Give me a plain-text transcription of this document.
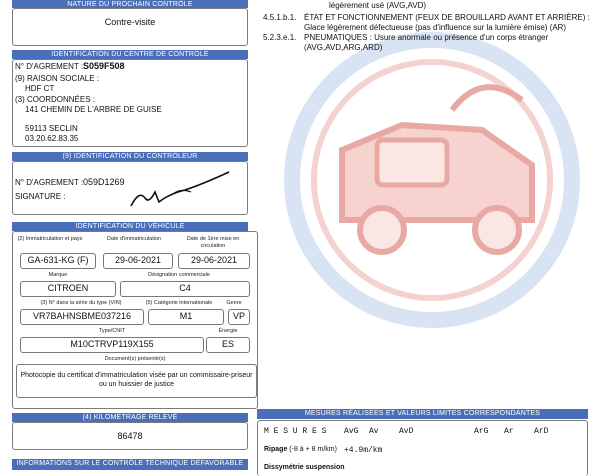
NATURE DU PROCHAIN CONTRÔLE
Contre-visite
IDENTIFICATION DU CENTRE DE CONTRÔLE
N° D'AGREMENT : S059F508
(9) RAISON SOCIALE :
HDF CT
(3) COORDONNÉES :
141 CHEMIN DE L'ARBRE DE GUISE
59113 SECLIN
03.20.62.83.35
(9) IDENTIFICATION DU CONTRÔLEUR
N° D'AGREMENT : 059D1269
SIGNATURE :
IDENTIFICATION DU VÉHICULE
(2) Immatriculation et pays	Date d'immatriculation	Date de 1ère mise en circulation
GA-631-KG (F)	29-06-2021	29-06-2021
Marque	Désignation commerciale
CITROEN	C4
(3) N° dans la série du type (VIN)	(5) Catégorie internationale	Genre
VR7BAHNSBME037216	M1	VP
Type/CNIT	Énergie
M10CTRVP119X155	ES
Document(s) présenté(s)
Photocopie du certificat d'immatriculation visée par un commissaire-priseur ou un huissier de justice
(4) KILOMÉTRAGE RELEVÉ
86478
INFORMATIONS SUR LE CONTRÔLE TECHNIQUE DÉFAVORABLE
légèrement usé (AVG,AVD)
4.5.1.b.1. ÉTAT ET FONCTIONNEMENT (FEUX DE BROUILLARD AVANT ET ARRIÈRE) :
Glace légèrement défectueuse (pas d'influence sur la lumière émise) (AR)
5.2.3.e.1. PNEUMATIQUES : Usure anormale ou présence d'un corps étranger
(AVG,AVD,ARG,ARD)
MESURES RÉALISÉES ET VALEURS LIMITES CORRESPONDANTES
M E S U R E S AvG Av	AvD	ArG Ar	ArD
Ripage (-8 à + 8 m/km) +4.9m/km
Dissymétrie suspension
